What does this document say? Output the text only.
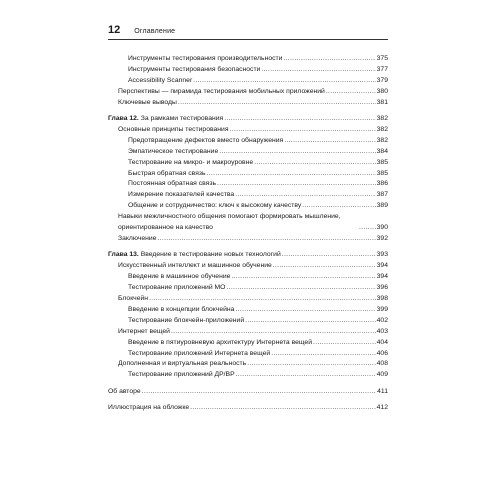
12 Оглавление
Инструменты тестирования производительности .....	375
Инструменты тестирования безопасности .....	377
Accessibility Scanner .....	379
Перспективы — пирамида тестирования мобильных приложений .....	380
Ключевые выводы .....	381
Глава 12. За рамками тестирования .....	382
Основные принципы тестирования .....	382
Предотвращение дефектов вместо обнаружения .....	382
Эмпатическое тестирование .....	384
Тестирование на микро- и макроуровне .....	385
Быстрая обратная связь .....	385
Постоянная обратная связь .....	386
Измерение показателей качества .....	387
Общение и сотрудничество: ключ к высокому качеству .....	389
Навыки межличностного общения помогают формировать мышление, ориентированное на качество .....	390
Заключение .....	392
Глава 13. Введение в тестирование новых технологий .....	393
Искусственный интеллект и машинное обучение .....	394
Введение в машинное обучение .....	394
Тестирование приложений МО .....	396
Блокчейн .....	398
Введение в концепции блокчейна .....	399
Тестирование блокчейн-приложений .....	402
Интернет вещей .....	403
Введение в пятиуровневую архитектуру Интернета вещей .....	404
Тестирование приложений Интернета вещей .....	406
Дополненная и виртуальная реальность .....	408
Тестирование приложений ДР/ВР .....	409
Об авторе .....	411
Иллюстрация на обложке .....	412
